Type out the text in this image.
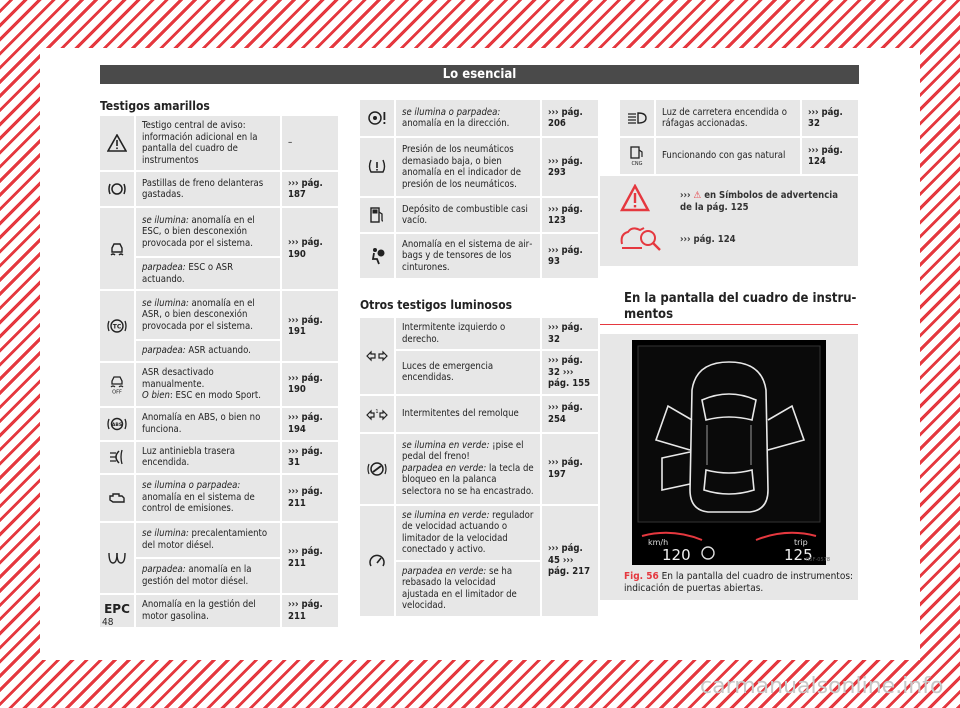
Lo esencial
Testigos amarillos
	Testigo central de aviso: información adicional en la pantalla del cuadro de instrumentos	–

	Pastillas de freno delanteras gastadas.	››› pág. 187

	se ilumina: anomalía en el ESC, o bien desconexión provocada por el sistema.	››› pág. 190
	parpadea: ESC o ASR actuando.	

TC	se ilumina: anomalía en el ASR, o bien desconexión provocada por el sistema.	››› pág. 191
	parpadea: ASR actuando.	

OFF	ASR desactivado manualmente.
O bien: ESC en modo Sport.	››› pág. 190

ABS	Anomalía en ABS, o bien no funciona.	››› pág. 194

	Luz antiniebla trasera encendida.	››› pág. 31

	se ilumina o parpadea: anomalía en el sistema de control de emisiones.	››› pág. 211

	se ilumina: precalentamiento del motor diésel.	››› pág. 211
	parpadea: anomalía en la gestión del motor diésel.	
EPC	Anomalía en la gestión del motor gasolina.	››› pág. 211
	se ilumina o parpadea: anomalía en la dirección.	››› pág. 206

	Presión de los neumáticos demasiado baja, o bien anomalía en el indicador de presión de los neumáticos.	››› pág. 293

	Depósito de combustible casi vacío.	››› pág. 123

	Anomalía en el sistema de airbags y de tensores de los cinturones.	››› pág. 93
Otros testigos luminosos
	Intermitente izquierdo o derecho.	››› pág. 32
	Luces de emergencia encendidas.	››› pág. 32 ››› pág. 155

1	Intermitentes del remolque	››› pág. 254

	se ilumina en verde: ¡pise el pedal del freno!
parpadea en verde: la tecla de bloqueo en la palanca selectora no se ha encastrado.	››› pág. 197

	se ilumina en verde: regulador de velocidad actuando o limitador de la velocidad conectado y activo.	››› pág. 45 ››› pág. 217
	parpadea en verde: se ha rebasado la velocidad ajustada en el limitador de velocidad.	
	Luz de carretera encendida o ráfagas accionadas.	››› pág. 32

CNG	Funcionando con gas natural	››› pág. 124
››› ⚠ en Símbolos de advertencia de la pág. 125
››› pág. 124
En la pantalla del cuadro de instrumentos
km/h
120
trip
125
B5F-0578
Fig. 56 En la pantalla del cuadro de instrumentos: indicación de puertas abiertas.
48
carmanualsonline.info
